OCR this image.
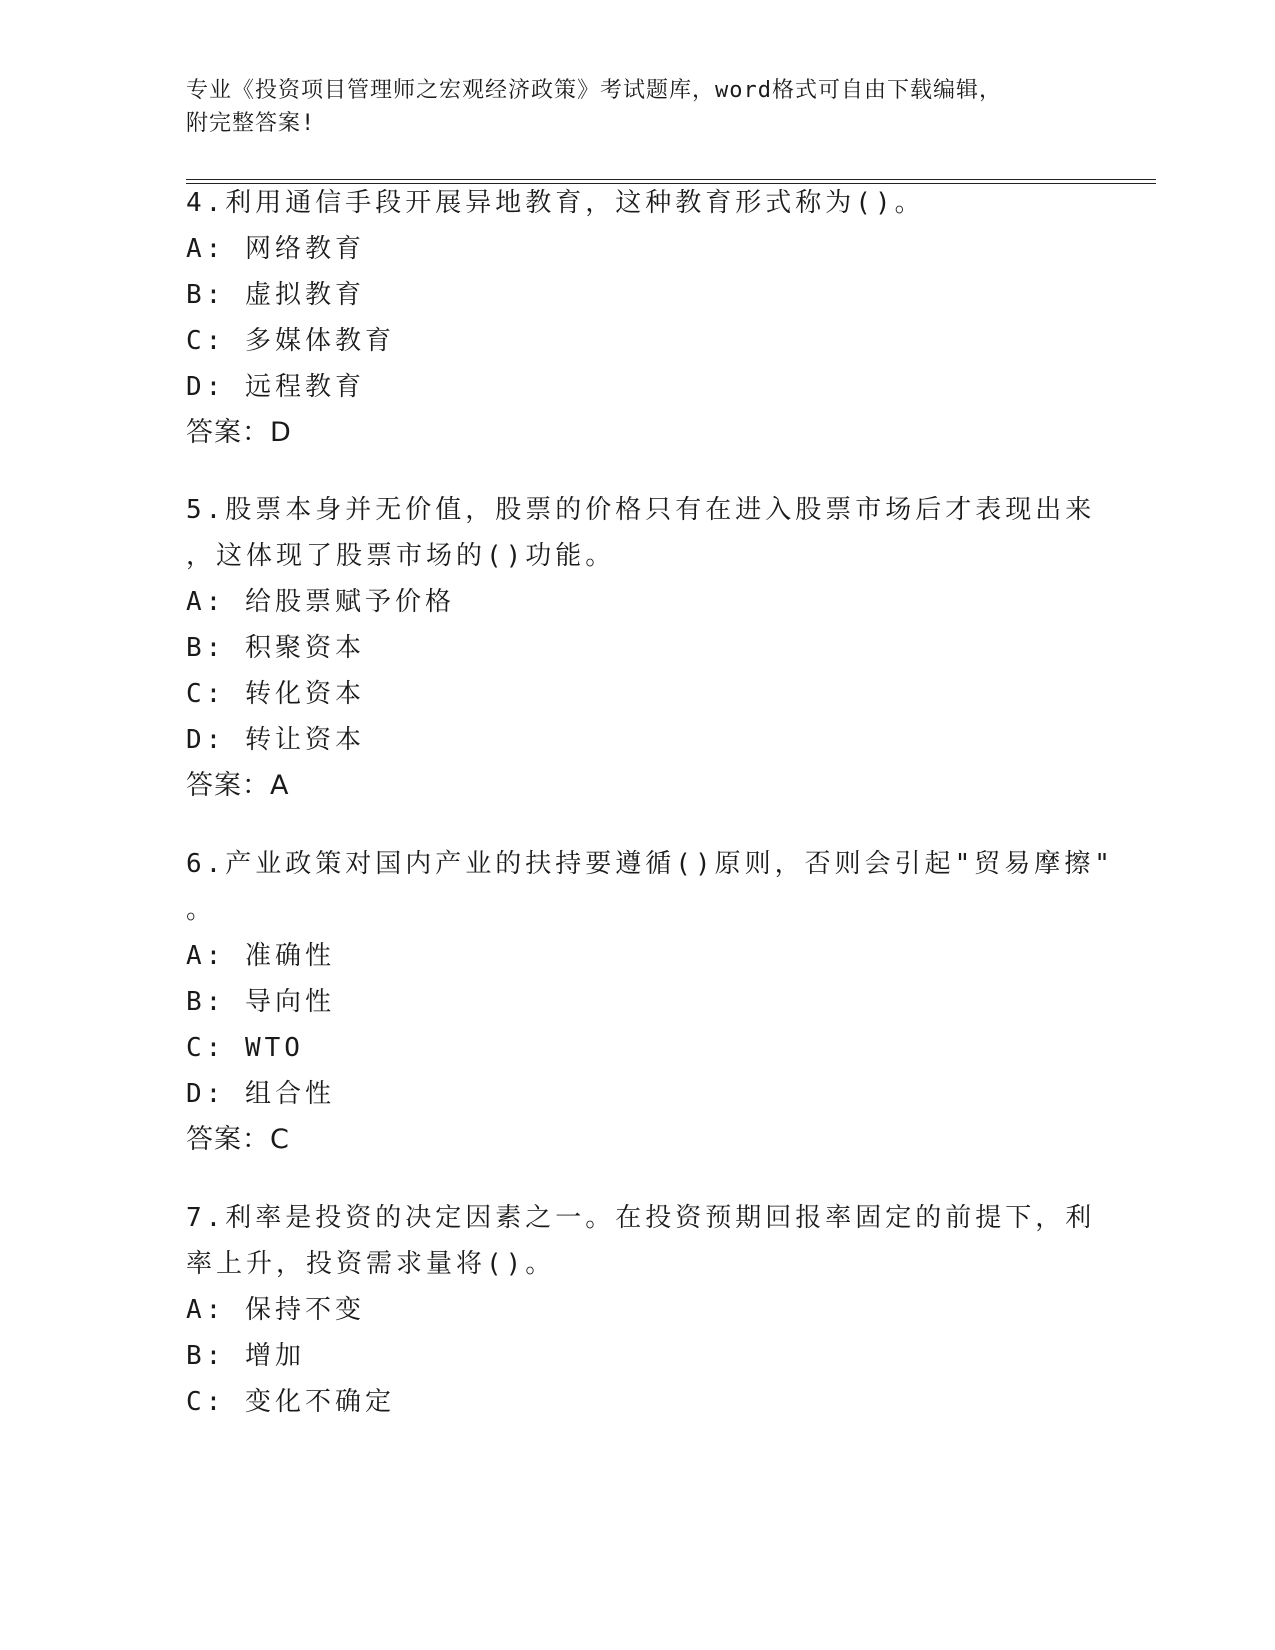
专业《投资项目管理师之宏观经济政策》考试题库，word格式可自由下载编辑，
附完整答案!
4.利用通信手段开展异地教育，这种教育形式称为()。
A: 网络教育
B: 虚拟教育
C: 多媒体教育
D: 远程教育
答案：D
5.股票本身并无价值，股票的价格只有在进入股票市场后才表现出来
，这体现了股票市场的()功能。
A: 给股票赋予价格
B: 积聚资本
C: 转化资本
D: 转让资本
答案：A
6.产业政策对国内产业的扶持要遵循()原则，否则会引起"贸易摩擦"
。
A: 准确性
B: 导向性
C: WTO
D: 组合性
答案：C
7.利率是投资的决定因素之一。在投资预期回报率固定的前提下，利
率上升，投资需求量将()。
A: 保持不变
B: 增加
C: 变化不确定
